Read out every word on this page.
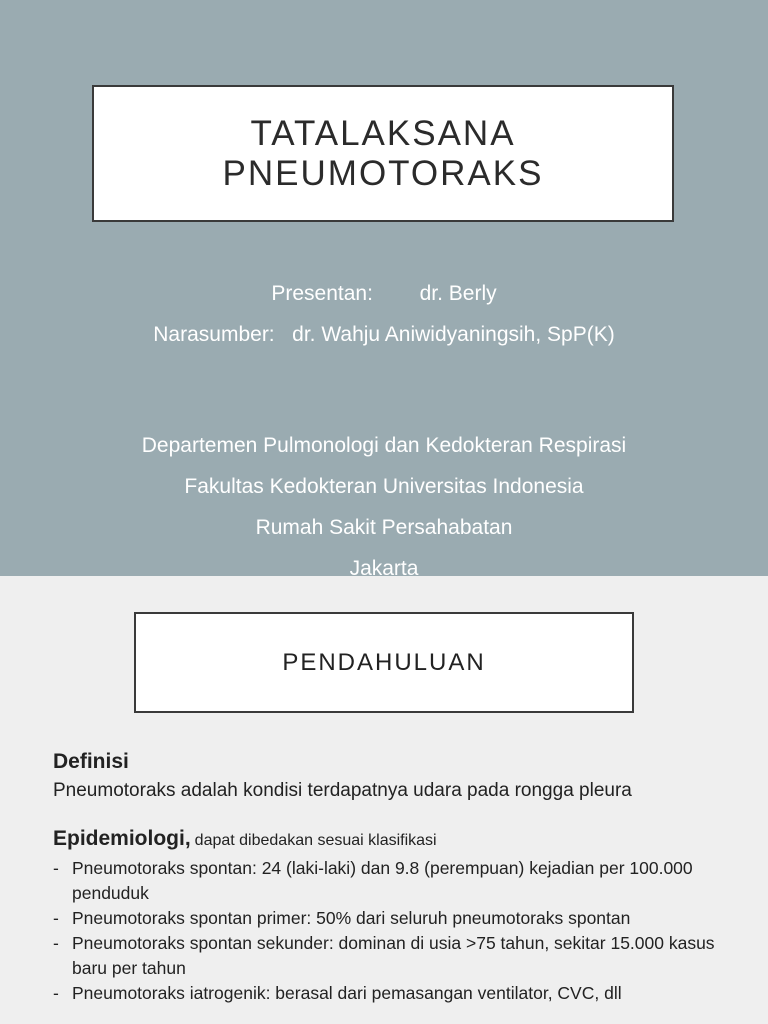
TATALAKSANA
PNEUMOTORAKS
Presentan: dr. Berly
Narasumber: dr. Wahju Aniwidyaningsih, SpP(K)
Departemen Pulmonologi dan Kedokteran Respirasi
Fakultas Kedokteran Universitas Indonesia
Rumah Sakit Persahabatan
Jakarta
PENDAHULUAN
Definisi
Pneumotoraks adalah kondisi terdapatnya udara pada rongga pleura
Epidemiologi, dapat dibedakan sesuai klasifikasi
- Pneumotoraks spontan: 24 (laki-laki) dan 9.8 (perempuan) kejadian per 100.000 penduduk
- Pneumotoraks spontan primer: 50% dari seluruh pneumotoraks spontan
- Pneumotoraks spontan sekunder: dominan di usia >75 tahun, sekitar 15.000 kasus baru per tahun
- Pneumotoraks iatrogenik: berasal dari pemasangan ventilator, CVC, dll
